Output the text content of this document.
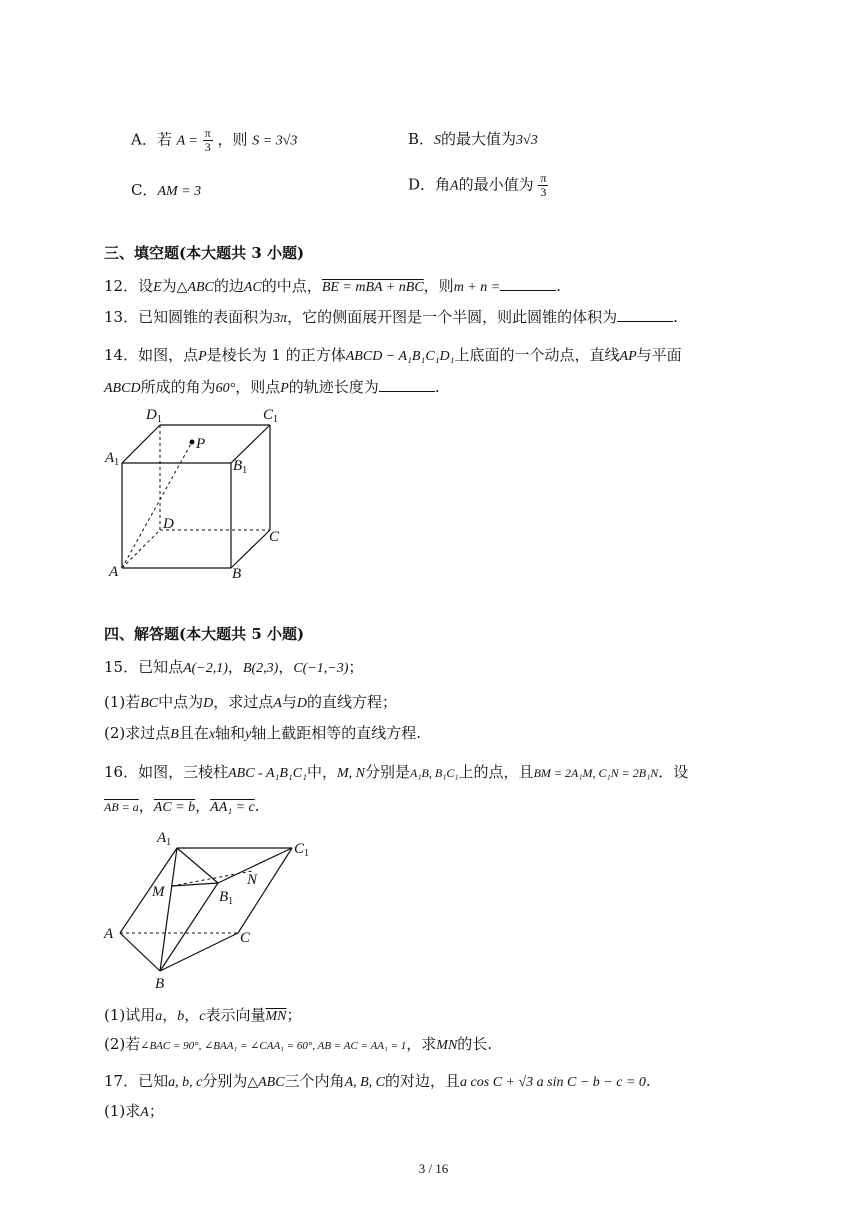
A．若 $A = \frac{\pi}{3}$ ，则 S = 3√3	B．S的最大值为3√3
C．AM = 3	D．角A的最小值为 $\frac{\pi}{3}$
三、填空题(本大题共 3 小题)
12．设E为△ABC的边AC的中点，BE = mBA + nBC，则m + n =	.
13．已知圆锥的表面积为3π，它的侧面展开图是一个半圆，则此圆锥的体积为	.
14．如图，点P是棱长为 1 的正方体ABCD − A₁B₁C₁D₁上底面的一个动点，直线AP与平面
ABCD所成的角为60°，则点P的轨迹长度为	.
$D_1$	$C_1$
$A_1$	$B_1$
P
D
C
A	B
四、解答题(本大题共 5 小题)
15．已知点A(−2,1)，B(2,3)，C(−1,−3)；
(1)若BC中点为D，求过点A与D的直线方程；
(2)求过点B且在x轴和y轴上截距相等的直线方程.
16．如图，三棱柱ABC - A₁B₁C₁中，M, N分别是A₁B, B₁C₁上的点，且BM = 2A₁M, C₁N = 2B₁N．设
AB = a，AC = b，AA₁ = c.
$A_1$	$C_1$
M
N
$B_1$
A	C
B
(1)试用a，b，c表示向量$\overline{MN}$；
(2)若∠BAC = 90°, ∠BAA₁ = ∠CAA₁ = 60°, AB = AC = AA₁ = 1，求MN的长.
17．已知a, b, c分别为△ABC三个内角A, B, C的对边，且a cos C + √3 a sin C − b − c = 0.
(1)求A；
3 / 16
